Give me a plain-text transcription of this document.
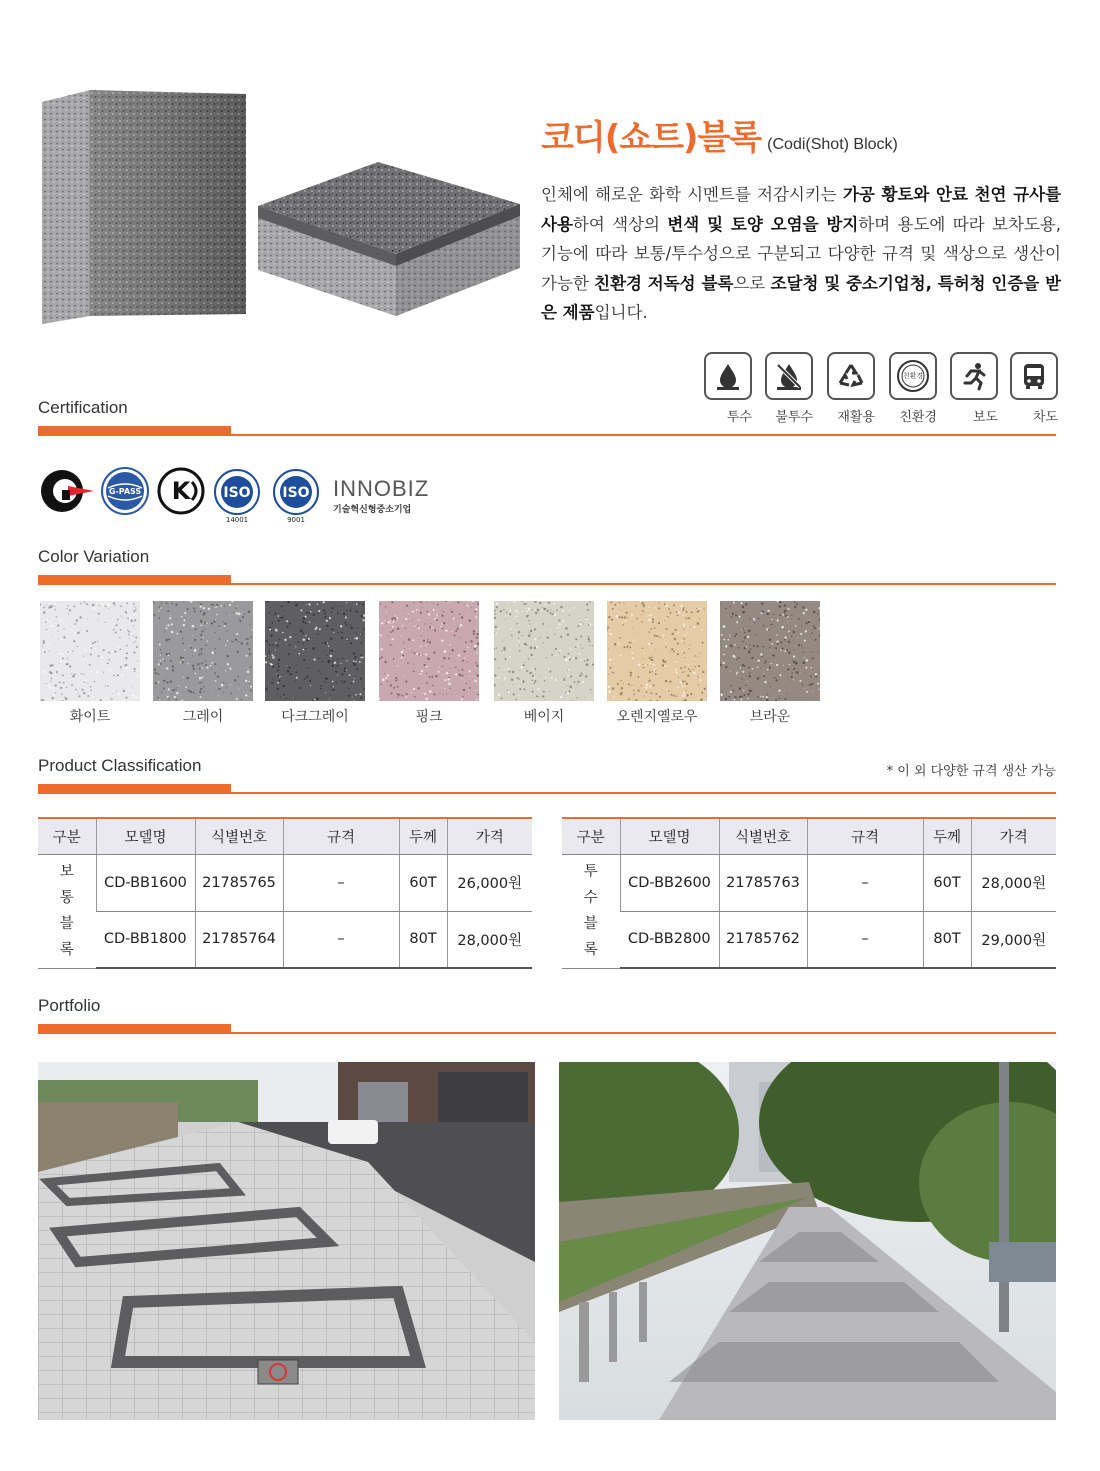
코디(쇼트)블록 (Codi(Shot) Block)
인체에 해로운 화학 시멘트를 저감시키는 가공 황토와 안료 천연 규사를 사용하여 색상의 변색 및 토양 오염을 방지하며 용도에 따라 보차도용, 기능에 따라 보통/투수성으로 구분되고 다양한 규격 및 색상으로 생산이 가능한 친환경 저독성 블록으로 조달청 및 중소기업청, 특허청 인증을 받은 제품입니다.
투수	불투수	재활용
친환경
친환경	보도	차도
Certification
G-PASS K ISO
14001
ISO
9001
INNOBIZ
기술혁신형중소기업
Color Variation
화이트	그레이	다크그레이	핑크	베이지	오렌지옐로우	브라운
Product Classification	* 이 외 다양한 규격 생산 가능
구분	모델명	식별번호	규격	두께	가격

보
통
블
록	CD-BB1600	21785765	–	60T	26,000원
	CD-BB1800	21785764	–	80T	28,000원
구분	모델명	식별번호	규격	두께	가격

투
수
블
록	CD-BB2600	21785763	–	60T	28,000원
	CD-BB2800	21785762	–	80T	29,000원
Portfolio
